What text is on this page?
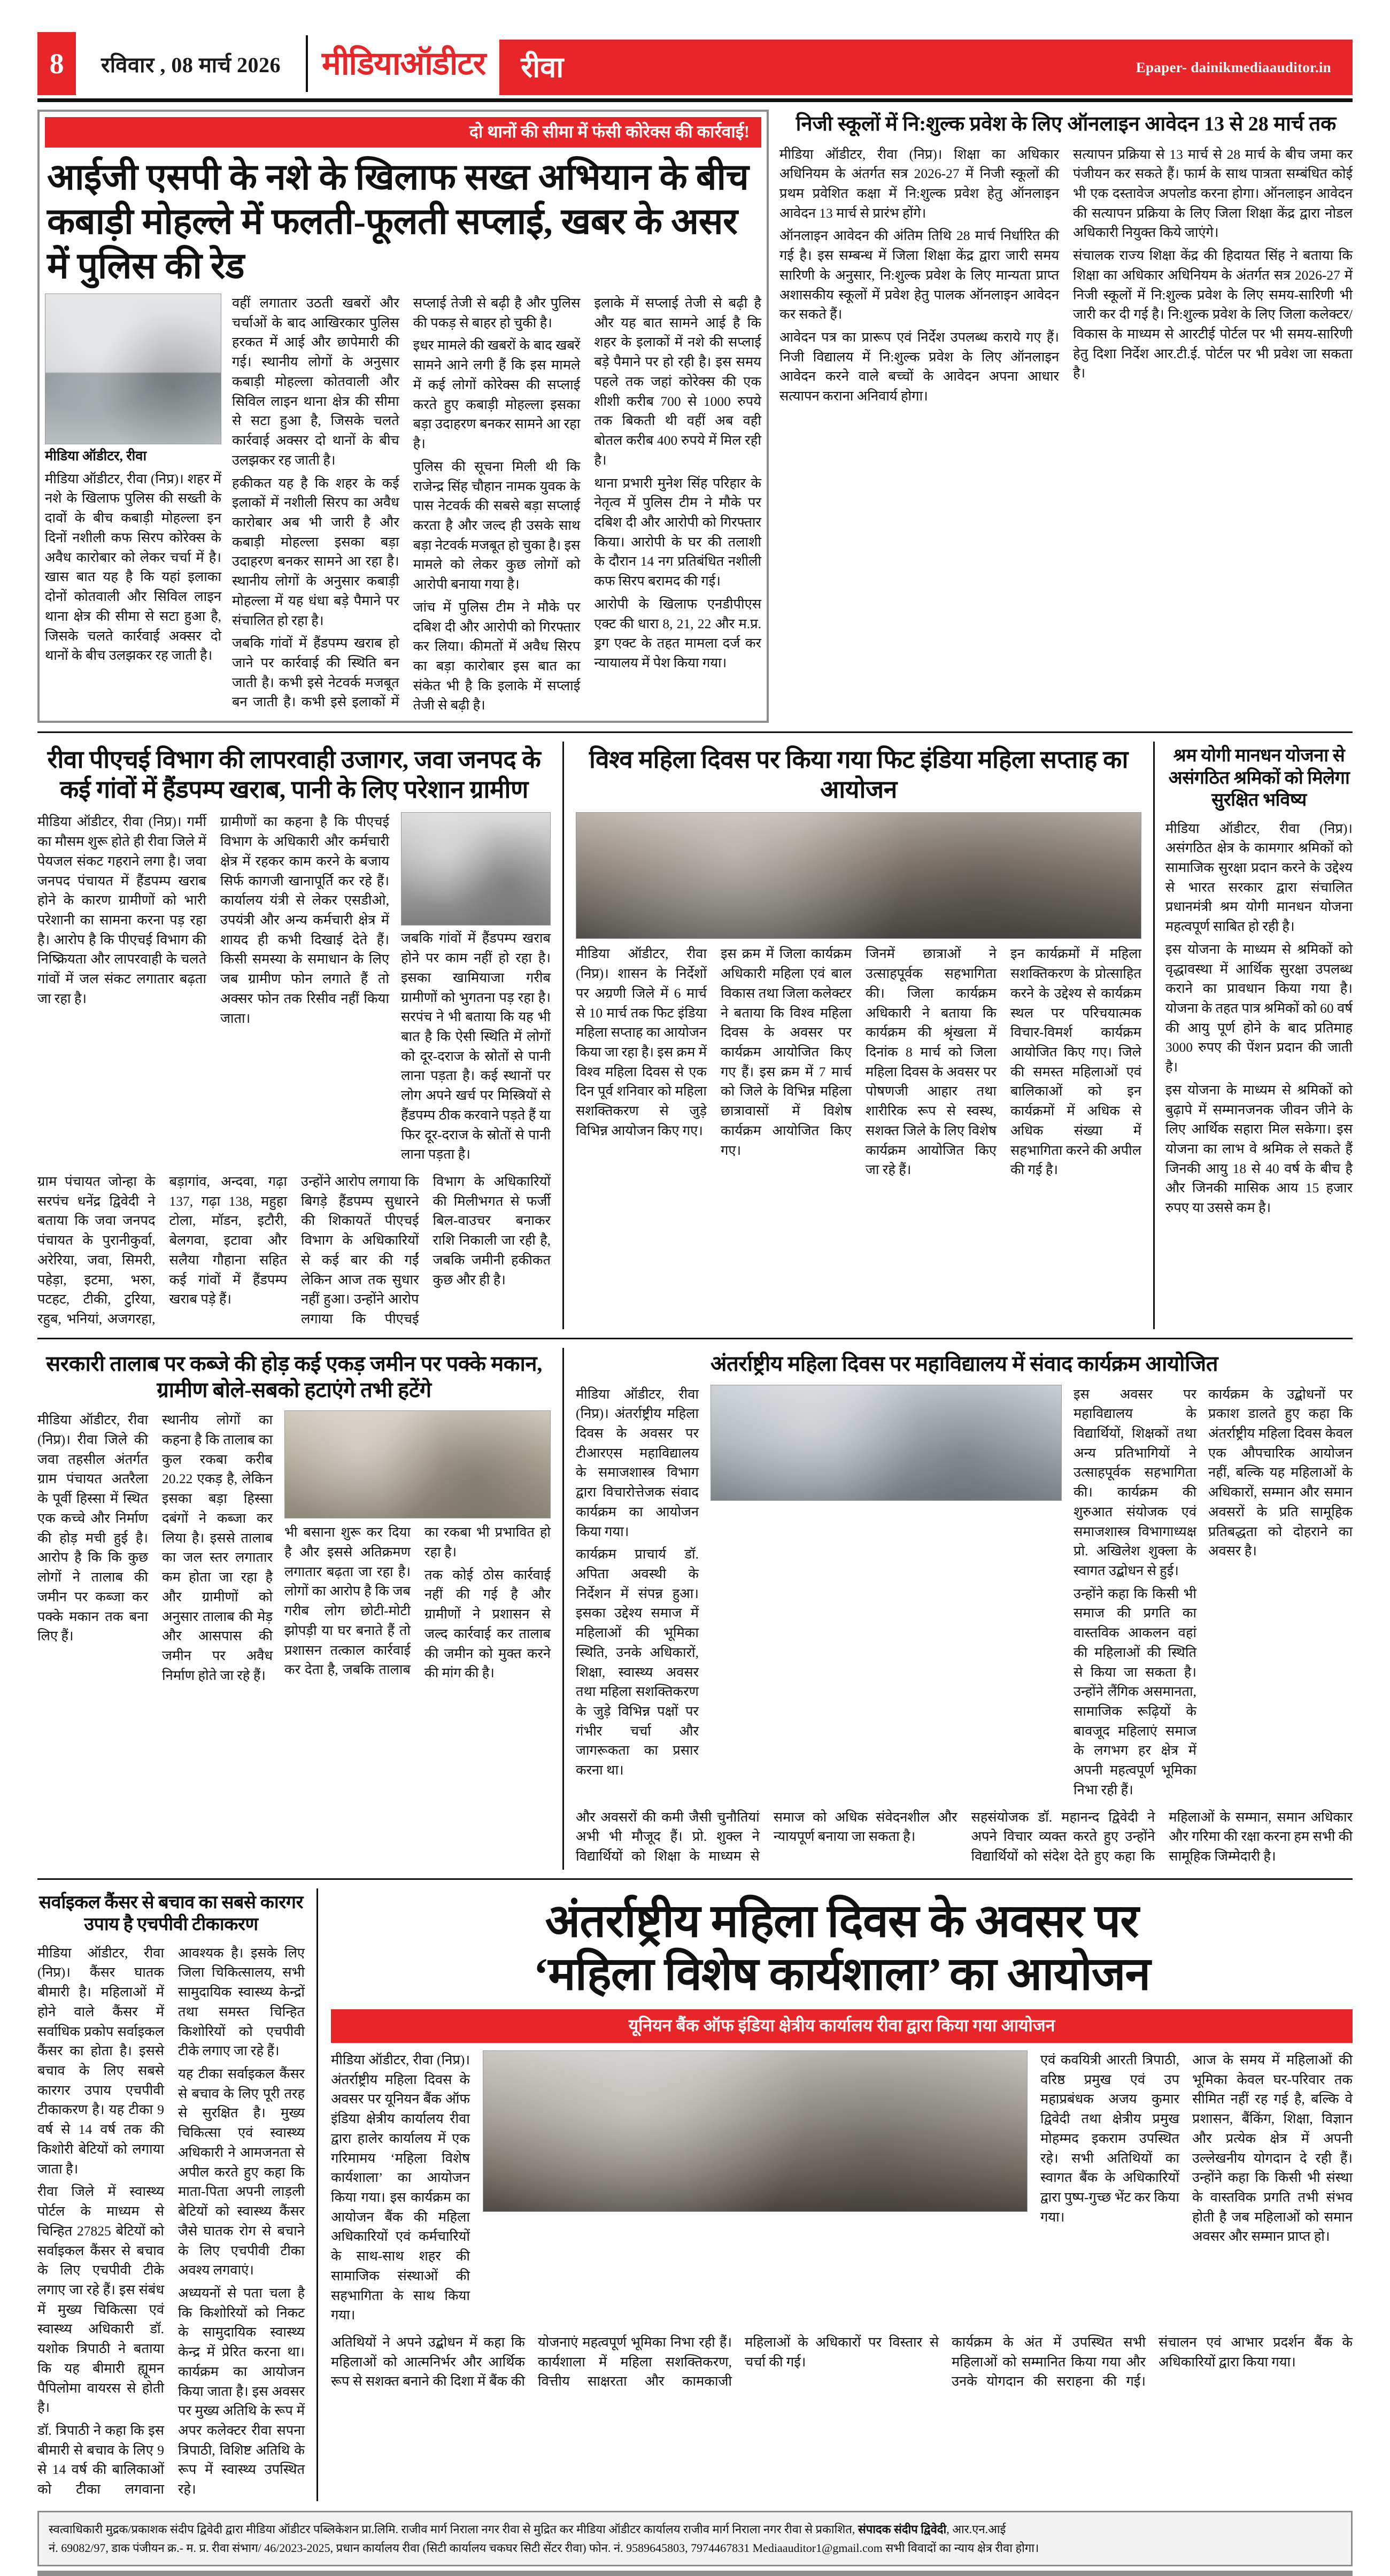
8	रविवार , 08 मार्च 2026	मीडियाऑडीटर	रीवा	Epaper- dainikmediaauditor.in
दो थानों की सीमा में फंसी कोरेक्स की कार्रवाई!
आईजी एसपी के नशे के खिलाफ सख्त अभियान के बीच कबाड़ी मोहल्ले में फलती-फूलती सप्लाई, खबर के असर में पुलिस की रेड

मीडिया ऑडीटर, रीवा

मीडिया ऑडीटर, रीवा (निप्र)। शहर में नशे के खिलाफ पुलिस की सख्ती के दावों के बीच कबाड़ी मोहल्ला इन दिनों नशीली कफ सिरप कोरेक्स के अवैध कारोबार को लेकर चर्चा में है। खास बात यह है कि यहां इलाका दोनों कोतवाली और सिविल लाइन थाना क्षेत्र की सीमा से सटा हुआ है, जिसके चलते कार्रवाई अक्सर दो थानों के बीच उलझकर रह जाती है।

वहीं लगातार उठती खबरों और चर्चाओं के बाद आखिरकार पुलिस हरकत में आई और छापेमारी की गई। स्थानीय लोगों के अनुसार कबाड़ी मोहल्ला कोतवाली और सिविल लाइन थाना क्षेत्र की सीमा से सटा हुआ है, जिसके चलते कार्रवाई अक्सर दो थानों के बीच उलझकर रह जाती है।

हकीकत यह है कि शहर के कई इलाकों में नशीली सिरप का अवैध कारोबार अब भी जारी है और कबाड़ी मोहल्ला इसका बड़ा उदाहरण बनकर सामने आ रहा है। स्थानीय लोगों के अनुसार कबाड़ी मोहल्ला में यह धंधा बड़े पैमाने पर संचालित हो रहा है।

जबकि गांवों में हैंडपम्प खराब हो जाने पर कार्रवाई की स्थिति बन जाती है। कभी इसे नेटवर्क मजबूत बन जाती है। कभी इसे इलाकों में सप्लाई तेजी से बढ़ी है और पुलिस की पकड़ से बाहर हो चुकी है।

इधर मामले की खबरों के बाद खबरें सामने आने लगी हैं कि इस मामले में कई लोगों कोरेक्स की सप्लाई करते हुए कबाड़ी मोहल्ला इसका बड़ा उदाहरण बनकर सामने आ रहा है।

पुलिस की सूचना मिली थी कि राजेन्द्र सिंह चौहान नामक युवक के पास नेटवर्क की सबसे बड़ा सप्लाई करता है और जल्द ही उसके साथ बड़ा नेटवर्क मजबूत हो चुका है। इस मामले को लेकर कुछ लोगों को आरोपी बनाया गया है।

जांच में पुलिस टीम ने मौके पर दबिश दी और आरोपी को गिरफ्तार कर लिया। कीमतों में अवैध सिरप का बड़ा कारोबार इस बात का संकेत भी है कि इलाके में सप्लाई तेजी से बढ़ी है।

इलाके में सप्लाई तेजी से बढ़ी है और यह बात सामने आई है कि शहर के इलाकों में नशे की सप्लाई बड़े पैमाने पर हो रही है। इस समय पहले तक जहां कोरेक्स की एक शीशी करीब 700 से 1000 रुपये तक बिकती थी वहीं अब वही बोतल करीब 400 रुपये में मिल रही है।

थाना प्रभारी मुनेश सिंह परिहार के नेतृत्व में पुलिस टीम ने मौके पर दबिश दी और आरोपी को गिरफ्तार किया। आरोपी के घर की तलाशी के दौरान 14 नग प्रतिबंधित नशीली कफ सिरप बरामद की गई।

आरोपी के खिलाफ एनडीपीएस एक्ट की धारा 8, 21, 22 और म.प्र. ड्रग एक्ट के तहत मामला दर्ज कर न्यायालय में पेश किया गया।

निजी स्कूलों में नि:शुल्क प्रवेश के लिए ऑनलाइन आवेदन 13 से 28 मार्च तक

मीडिया ऑडीटर, रीवा (निप्र)। शिक्षा का अधिकार अधिनियम के अंतर्गत सत्र 2026-27 में निजी स्कूलों की प्रथम प्रवेशित कक्षा में नि:शुल्क प्रवेश हेतु ऑनलाइन आवेदन 13 मार्च से प्रारंभ होंगे।

ऑनलाइन आवेदन की अंतिम तिथि 28 मार्च निर्धारित की गई है। इस सम्बन्ध में जिला शिक्षा केंद्र द्वारा जारी समय सारिणी के अनुसार, नि:शुल्क प्रवेश के लिए मान्यता प्राप्त अशासकीय स्कूलों में प्रवेश हेतु पालक ऑनलाइन आवेदन कर सकते हैं।

आवेदन पत्र का प्रारूप एवं निर्देश उपलब्ध कराये गए हैं। निजी विद्यालय में नि:शुल्क प्रवेश के लिए ऑनलाइन आवेदन करने वाले बच्चों के आवेदन अपना आधार सत्यापन कराना अनिवार्य होगा।

सत्यापन प्रक्रिया से 13 मार्च से 28 मार्च के बीच जमा कर पंजीयन कर सकते हैं। फार्म के साथ पात्रता सम्बंधित कोई भी एक दस्तावेज अपलोड करना होगा। ऑनलाइन आवेदन की सत्यापन प्रक्रिया के लिए जिला शिक्षा केंद्र द्वारा नोडल अधिकारी नियुक्त किये जाएंगे।

संचालक राज्य शिक्षा केंद्र की हिदायत सिंह ने बताया कि शिक्षा का अधिकार अधिनियम के अंतर्गत सत्र 2026-27 में निजी स्कूलों में नि:शुल्क प्रवेश के लिए समय-सारिणी भी जारी कर दी गई है। नि:शुल्क प्रवेश के लिए जिला कलेक्टर/विकास के माध्यम से आरटीई पोर्टल पर भी समय-सारिणी हेतु दिशा निर्देश आर.टी.ई. पोर्टल पर भी प्रवेश जा सकता है।

रीवा पीएचई विभाग की लापरवाही उजागर, जवा जनपद के कई गांवों में हैंडपम्प खराब, पानी के लिए परेशान ग्रामीण

मीडिया ऑडीटर, रीवा (निप्र)। गर्मी का मौसम शुरू होते ही रीवा जिले में पेयजल संकट गहराने लगा है। जवा जनपद पंचायत में हैंडपम्प खराब होने के कारण ग्रामीणों को भारी परेशानी का सामना करना पड़ रहा है। आरोप है कि पीएचई विभाग की निष्क्रियता और लापरवाही के चलते गांवों में जल संकट लगातार बढ़ता जा रहा है।

ग्रामीणों का कहना है कि पीएचई विभाग के अधिकारी और कर्मचारी क्षेत्र में रहकर काम करने के बजाय सिर्फ कागजी खानापूर्ति कर रहे हैं। कार्यालय यंत्री से लेकर एसडीओ, उपयंत्री और अन्य कर्मचारी क्षेत्र में शायद ही कभी दिखाई देते हैं। किसी समस्या के समाधान के लिए जब ग्रामीण फोन लगाते हैं तो अक्सर फोन तक रिसीव नहीं किया जाता।

जबकि गांवों में हैंडपम्प खराब होने पर काम नहीं हो रहा है। इसका खामियाजा गरीब ग्रामीणों को भुगतना पड़ रहा है। सरपंच ने भी बताया कि यह भी बात है कि ऐसी स्थिति में लोगों को दूर-दराज के स्रोतों से पानी लाना पड़ता है। कई स्थानों पर लोग अपने खर्च पर मिस्त्रियों से हैंडपम्प ठीक करवाने पड़ते हैं या फिर दूर-दराज के स्रोतों से पानी लाना पड़ता है।

ग्राम पंचायत जोन्हा के सरपंच धनेंद्र द्विवेदी ने बताया कि जवा जनपद पंचायत के पुरानीकुर्वा, अरेरिया, जवा, सिमरी, पहेड़ा, इटमा, भरुा, पटहट, टीकी, टुरिया, रहुब, भनियां, अजगरहा, बड़ागांव, अन्दवा, गढ़ा 137, गढ़ा 138, महुहा टोला, मॉडन, इटौरी, बेलगवा, इटावा और सलैया गौहाना सहित कई गांवों में हैंडपम्प खराब पड़े हैं।

उन्होंने आरोप लगाया कि बिगड़े हैंडपम्प सुधारने की शिकायतें पीएचई विभाग के अधिकारियों से कई बार की गईं लेकिन आज तक सुधार नहीं हुआ। उन्होंने आरोप लगाया कि पीएचई विभाग के अधिकारियों की मिलीभगत से फर्जी बिल-वाउचर बनाकर राशि निकाली जा रही है, जबकि जमीनी हकीकत कुछ और ही है।

विश्व महिला दिवस पर किया गया फिट इंडिया महिला सप्ताह का आयोजन

मीडिया ऑडीटर, रीवा (निप्र)। शासन के निर्देशों पर अग्रणी जिले में 6 मार्च से 10 मार्च तक फिट इंडिया महिला सप्ताह का आयोजन किया जा रहा है। इस क्रम में विश्व महिला दिवस से एक दिन पूर्व शनिवार को महिला सशक्तिकरण से जुड़े विभिन्न आयोजन किए गए।

इस क्रम में जिला कार्यक्रम अधिकारी महिला एवं बाल विकास तथा जिला कलेक्टर ने बताया कि विश्व महिला दिवस के अवसर पर कार्यक्रम आयोजित किए गए हैं। इस क्रम में 7 मार्च को जिले के विभिन्न महिला छात्रावासों में विशेष कार्यक्रम आयोजित किए गए।

जिनमें छात्राओं ने उत्साहपूर्वक सहभागिता की। जिला कार्यक्रम अधिकारी ने बताया कि कार्यक्रम की श्रृंखला में दिनांक 8 मार्च को जिला महिला दिवस के अवसर पर पोषणजी आहार तथा शारीरिक रूप से स्वस्थ, सशक्त जिले के लिए विशेष कार्यक्रम आयोजित किए जा रहे हैं।

इन कार्यक्रमों में महिला सशक्तिकरण के प्रोत्साहित करने के उद्देश्य से कार्यक्रम स्थल पर परिचयात्मक विचार-विमर्श कार्यक्रम आयोजित किए गए। जिले की समस्त महिलाओं एवं बालिकाओं को इन कार्यक्रमों में अधिक से अधिक संख्या में सहभागिता करने की अपील की गई है।

श्रम योगी मानधन योजना से असंगठित श्रमिकों को मिलेगा सुरक्षित भविष्य

मीडिया ऑडीटर, रीवा (निप्र)। असंगठित क्षेत्र के कामगार श्रमिकों को सामाजिक सुरक्षा प्रदान करने के उद्देश्य से भारत सरकार द्वारा संचालित प्रधानमंत्री श्रम योगी मानधन योजना महत्वपूर्ण साबित हो रही है।

इस योजना के माध्यम से श्रमिकों को वृद्धावस्था में आर्थिक सुरक्षा उपलब्ध कराने का प्रावधान किया गया है। योजना के तहत पात्र श्रमिकों को 60 वर्ष की आयु पूर्ण होने के बाद प्रतिमाह 3000 रुपए की पेंशन प्रदान की जाती है।

इस योजना के माध्यम से श्रमिकों को बुढ़ापे में सम्मानजनक जीवन जीने के लिए आर्थिक सहारा मिल सकेगा। इस योजना का लाभ वे श्रमिक ले सकते हैं जिनकी आयु 18 से 40 वर्ष के बीच है और जिनकी मासिक आय 15 हजार रुपए या उससे कम है।

सरकारी तालाब पर कब्जे की होड़ कई एकड़ जमीन पर पक्के मकान, ग्रामीण बोले-सबको हटाएंगे तभी हटेंगे

मीडिया ऑडीटर, रीवा (निप्र)। रीवा जिले की जवा तहसील अंतर्गत ग्राम पंचायत अतरैला के पूर्वी हिस्सा में स्थित एक कच्चे और निर्माण की होड़ मची हुई है। आरोप है कि कि कुछ लोगों ने तालाब की जमीन पर कब्जा कर पक्के मकान तक बना लिए हैं।

स्थानीय लोगों का कहना है कि तालाब का कुल रकबा करीब 20.22 एकड़ है, लेकिन इसका बड़ा हिस्सा दबंगों ने कब्जा कर लिया है। इससे तालाब का जल स्तर लगातार कम होता जा रहा है और ग्रामीणों को अनुसार तालाब की मेड़ और आसपास की जमीन पर अवैध निर्माण होते जा रहे हैं।

भी बसाना शुरू कर दिया है और इससे अतिक्रमण लगातार बढ़ता जा रहा है। लोगों का आरोप है कि जब गरीब लोग छोटी-मोटी झोपड़ी या घर बनाते हैं तो प्रशासन तत्काल कार्रवाई कर देता है, जबकि तालाब का रकबा भी प्रभावित हो रहा है।

तक कोई ठोस कार्रवाई नहीं की गई है और ग्रामीणों ने प्रशासन से जल्द कार्रवाई कर तालाब की जमीन को मुक्त करने की मांग की है।

अंतर्राष्ट्रीय महिला दिवस पर महाविद्यालय में संवाद कार्यक्रम आयोजित

मीडिया ऑडीटर, रीवा (निप्र)। अंतर्राष्ट्रीय महिला दिवस के अवसर पर टीआरएस महाविद्यालय के समाजशास्त्र विभाग द्वारा विचारोत्तेजक संवाद कार्यक्रम का आयोजन किया गया।

कार्यक्रम प्राचार्य डॉ. अपिता अवस्थी के निर्देशन में संपन्न हुआ। इसका उद्देश्य समाज में महिलाओं की भूमिका स्थिति, उनके अधिकारों, शिक्षा, स्वास्थ्य अवसर तथा महिला सशक्तिकरण के जुड़े विभिन्न पक्षों पर गंभीर चर्चा और जागरूकता का प्रसार करना था।

इस अवसर पर महाविद्यालय के विद्यार्थियों, शिक्षकों तथा अन्य प्रतिभागियों ने उत्साहपूर्वक सहभागिता की। कार्यक्रम की शुरुआत संयोजक एवं समाजशास्त्र विभागाध्यक्ष प्रो. अखिलेश शुक्ला के स्वागत उद्बोधन से हुई।

उन्होंने कहा कि किसी भी समाज की प्रगति का वास्तविक आकलन वहां की महिलाओं की स्थिति से किया जा सकता है। उन्होंने लैंगिक असमानता, सामाजिक रूढ़ियों के बावजूद महिलाएं समाज के लगभग हर क्षेत्र में अपनी महत्वपूर्ण भूमिका निभा रही हैं।

कार्यक्रम के उद्बोधनों पर प्रकाश डालते हुए कहा कि अंतर्राष्ट्रीय महिला दिवस केवल एक औपचारिक आयोजन नहीं, बल्कि यह महिलाओं के अधिकारों, सम्मान और समान अवसरों के प्रति सामूहिक प्रतिबद्धता को दोहराने का अवसर है।

और अवसरों की कमी जैसी चुनौतियां अभी भी मौजूद हैं। प्रो. शुक्ल ने विद्यार्थियों को शिक्षा के माध्यम से समाज को अधिक संवेदनशील और न्यायपूर्ण बनाया जा सकता है।

सहसंयोजक डॉ. महानन्द द्विवेदी ने अपने विचार व्यक्त करते हुए उन्होंने विद्यार्थियों को संदेश देते हुए कहा कि महिलाओं के सम्मान, समान अधिकार और गरिमा की रक्षा करना हम सभी की सामूहिक जिम्मेदारी है।

सर्वाइकल कैंसर से बचाव का सबसे कारगर उपाय है एचपीवी टीकाकरण

मीडिया ऑडीटर, रीवा (निप्र)। कैंसर घातक बीमारी है। महिलाओं में होने वाले कैंसर में सर्वाधिक प्रकोप सर्वाइकल कैंसर का होता है। इससे बचाव के लिए सबसे कारगर उपाय एचपीवी टीकाकरण है। यह टीका 9 वर्ष से 14 वर्ष तक की किशोरी बेटियों को लगाया जाता है।

रीवा जिले में स्वास्थ्य पोर्टल के माध्यम से चिन्हित 27825 बेटियों को सर्वाइकल कैंसर से बचाव के लिए एचपीवी टीके लगाए जा रहे हैं। इस संबंध में मुख्य चिकित्सा एवं स्वास्थ्य अधिकारी डॉ. यशोक त्रिपाठी ने बताया कि यह बीमारी ह्यूमन पैपिलोमा वायरस से होती है।

डॉ. त्रिपाठी ने कहा कि इस बीमारी से बचाव के लिए 9 से 14 वर्ष की बालिकाओं को टीका लगवाना आवश्यक है। इसके लिए जिला चिकित्सालय, सभी सामुदायिक स्वास्थ्य केन्द्रों तथा समस्त चिन्हित किशोरियों को एचपीवी टीके लगाए जा रहे हैं।

यह टीका सर्वाइकल कैंसर से बचाव के लिए पूरी तरह से सुरक्षित है। मुख्य चिकित्सा एवं स्वास्थ्य अधिकारी ने आमजनता से अपील करते हुए कहा कि माता-पिता अपनी लाड़ली बेटियों को स्वास्थ्य कैंसर जैसे घातक रोग से बचाने के लिए एचपीवी टीका अवश्य लगवाएं।

अध्ययनों से पता चला है कि किशोरियों को निकट के सामुदायिक स्वास्थ्य केन्द्र में प्रेरित करना था। कार्यक्रम का आयोजन किया जाता है। इस अवसर पर मुख्य अतिथि के रूप में अपर कलेक्टर रीवा सपना त्रिपाठी, विशिष्ट अतिथि के रूप में स्वास्थ्य उपस्थित रहे।

अंतर्राष्ट्रीय महिला दिवस के अवसर पर
‘महिला विशेष कार्यशाला’ का आयोजन
यूनियन बैंक ऑफ इंडिया क्षेत्रीय कार्यालय रीवा द्वारा किया गया आयोजन

मीडिया ऑडीटर, रीवा (निप्र)। अंतर्राष्ट्रीय महिला दिवस के अवसर पर यूनियन बैंक ऑफ इंडिया क्षेत्रीय कार्यालय रीवा द्वारा हालेर कार्यालय में एक गरिमामय ‘महिला विशेष कार्यशाला’ का आयोजन किया गया। इस कार्यक्रम का आयोजन बैंक की महिला अधिकारियों एवं कर्मचारियों के साथ-साथ शहर की सामाजिक संस्थाओं की सहभागिता के साथ किया गया।

एवं कवयित्री आरती त्रिपाठी, वरिष्ठ प्रमुख एवं उप महाप्रबंधक अजय कुमार द्विवेदी तथा क्षेत्रीय प्रमुख मोहम्मद इकराम उपस्थित रहे। सभी अतिथियों का स्वागत बैंक के अधिकारियों द्वारा पुष्प-गुच्छ भेंट कर किया गया।

आज के समय में महिलाओं की भूमिका केवल घर-परिवार तक सीमित नहीं रह गई है, बल्कि वे प्रशासन, बैंकिंग, शिक्षा, विज्ञान और प्रत्येक क्षेत्र में अपनी उल्लेखनीय योगदान दे रही हैं। उन्होंने कहा कि किसी भी संस्था के वास्तविक प्रगति तभी संभव होती है जब महिलाओं को समान अवसर और सम्मान प्राप्त हो।

अतिथियों ने अपने उद्बोधन में कहा कि महिलाओं को आत्मनिर्भर और आर्थिक रूप से सशक्त बनाने की दिशा में बैंक की योजनाएं महत्वपूर्ण भूमिका निभा रही हैं। कार्यशाला में महिला सशक्तिकरण, वित्तीय साक्षरता और कामकाजी महिलाओं के अधिकारों पर विस्तार से चर्चा की गई।

कार्यक्रम के अंत में उपस्थित सभी महिलाओं को सम्मानित किया गया और उनके योगदान की सराहना की गई। संचालन एवं आभार प्रदर्शन बैंक के अधिकारियों द्वारा किया गया।

स्वत्वाधिकारी मुद्रक/प्रकाशक संदीप द्विवेदी द्वारा मीडिया ऑडीटर पब्लिकेशन प्रा.लिमि. राजीव मार्ग निराला नगर रीवा से मुद्रित कर मीडिया ऑडीटर कार्यालय राजीव मार्ग निराला नगर रीवा से प्रकाशित, संपादक संदीप द्विवेदी, आर.एन.आई
नं. 69082/97, डाक पंजीयन क्र.- म. प्र. रीवा संभाग/ 46/2023-2025, प्रधान कार्यालय रीवा (सिटी कार्यालय चकघर सिटी सेंटर रीवा) फोन. नं. 9589645803, 7974467831 Mediaauditor1@gmail.com सभी विवादों का न्याय क्षेत्र रीवा होगा।
